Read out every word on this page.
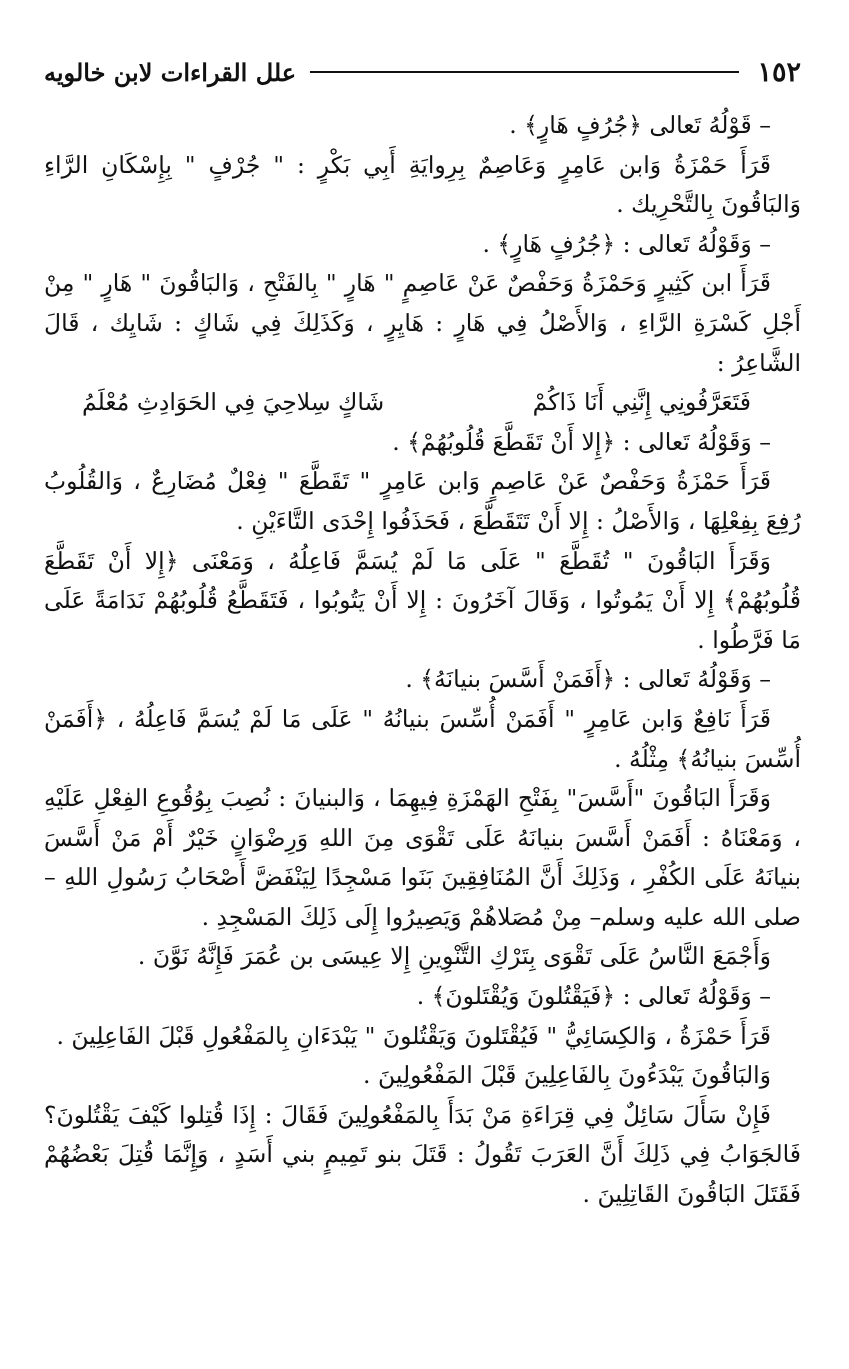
١٥٢
علل القراءات لابن خالويه

– قَوْلُهُ تَعالى ﴿جُرُفٍ هَارٍ﴾ .

قَرَأَ حَمْزَةُ وَابن عَامِرٍ وَعَاصِمٌ بِرِوايَةِ أَبِي بَكْرٍ : " جُرْفٍ " بِإِسْكَانِ الرَّاءِ وَالبَاقُونَ بِالتَّحْرِيك .

– وَقَوْلُهُ تَعالى : ﴿جُرُفٍ هَارٍ﴾ .

قَرَأَ ابن كَثِيرٍ وَحَمْزَةُ وَحَفْصٌ عَنْ عَاصِمٍ " هَارٍ " بِالفَتْحِ ، وَالبَاقُونَ " هَارٍ " مِنْ أَجْلِ كَسْرَةِ الرَّاءِ ، وَالأَصْلُ فِي هَارٍ : هَايِرٍ ، وَكَذَلِكَ فِي شَاكٍ : شَايِك ، قَالَ الشَّاعِرُ :

فَتَعَرَّفُونِي إِنَّنِي أَنَا ذَاكُمْ
شَاكٍ سِلاحِيَ فِي الحَوَادِثِ مُعْلَمُ

– وَقَوْلُهُ تَعالى : ﴿إِلا أَنْ تَقَطَّعَ قُلُوبُهُمْ﴾ .

قَرَأَ حَمْزَةُ وَحَفْصٌ عَنْ عَاصِمٍ وَابن عَامِرٍ " تَقَطَّعَ " فِعْلٌ مُضَارِعٌ ، وَالقُلُوبُ رُفِعَ بِفِعْلِهَا ، وَالأَصْلُ : إِلا أَنْ تَتَقَطَّعَ ، فَحَذَفُوا إِحْدَى التَّاءَيْنِ .

وَقَرَأَ البَاقُونَ " تُقَطَّعَ " عَلَى مَا لَمْ يُسَمَّ فَاعِلُهُ ، وَمَعْنَى ﴿إِلا أَنْ تَقَطَّعَ قُلُوبُهُمْ﴾ إِلا أَنْ يَمُوتُوا ، وَقَالَ آخَرُونَ : إِلا أَنْ يَتُوبُوا ، فَتَقَطَّعُ قُلُوبُهُمْ نَدَامَةً عَلَى مَا فَرَّطُوا .

– وَقَوْلُهُ تَعالى : ﴿أَفَمَنْ أَسَّسَ بنيانَهُ﴾ .

قَرَأَ نَافِعٌ وَابن عَامِرٍ " أَفَمَنْ أُسِّسَ بنيانُهُ " عَلَى مَا لَمْ يُسَمَّ فَاعِلُهُ ، ﴿أَفَمَنْ أُسِّسَ بنيانُهُ﴾ مِثْلُهُ .

وَقَرَأَ البَاقُونَ "أَسَّسَ" بِفَتْحِ الهَمْزَةِ فِيهِمَا ، وَالبنيانَ : نُصِبَ بِوُقُوعِ الفِعْلِ عَلَيْهِ ، وَمَعْنَاهُ : أَفَمَنْ أَسَّسَ بنيانَهُ عَلَى تَقْوَى مِنَ اللهِ وَرِضْوَانٍ خَيْرٌ أَمْ مَنْ أَسَّسَ بنيانَهُ عَلَى الكُفْرِ ، وَذَلِكَ أَنَّ المُنَافِقِينَ بَنَوا مَسْجِدًا لِيَنْفَضَّ أَصْحَابُ رَسُولِ اللهِ –صلى الله عليه وسلم– مِنْ مُصَلاهُمْ وَيَصِيرُوا إِلَى ذَلِكَ المَسْجِدِ .

وَأَجْمَعَ النَّاسُ عَلَى تَقْوَى بِتَرْكِ التَّنْوِينِ إِلا عِيسَى بن عُمَرَ فَإِنَّهُ نَوَّنَ .

– وَقَوْلُهُ تَعالى : ﴿فَيَقْتُلونَ وَيُقْتَلونَ﴾ .

قَرَأَ حَمْزَةُ ، وَالكِسَائِيُّ " فَيُقْتَلونَ وَيَقْتُلونَ " يَبْدَءَانِ بِالمَفْعُولِ قَبْلَ الفَاعِلِينَ .

وَالبَاقُونَ يَبْدَءُونَ بِالفَاعِلِينَ قَبْلَ المَفْعُولِينَ .

فَإِنْ سَأَلَ سَائِلٌ فِي قِرَاءَةِ مَنْ بَدَأَ بِالمَفْعُولِينَ فَقَالَ : إِذَا قُتِلوا كَيْفَ يَقْتُلونَ؟ فَالجَوَابُ فِي ذَلِكَ أَنَّ العَرَبَ تَقُولُ : قَتَلَ بنو تَمِيمٍ بني أَسَدٍ ، وَإِنَّمَا قُتِلَ بَعْضُهُمْ فَقَتَلَ البَاقُونَ القَاتِلِينَ .
